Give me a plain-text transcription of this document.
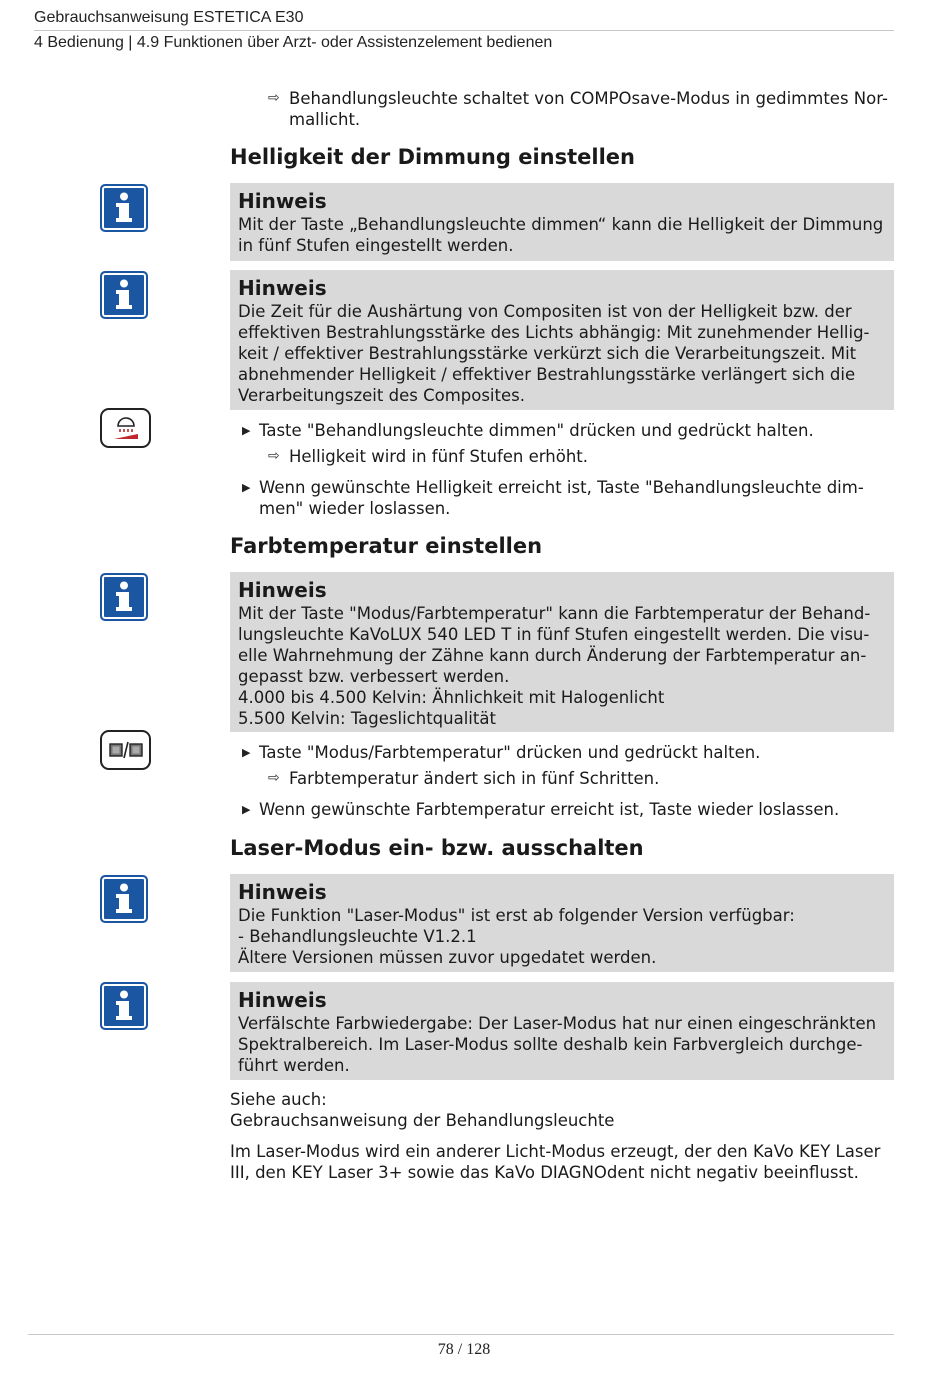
Gebrauchsanweisung ESTETICA E30
4 Bedienung | 4.9 Funktionen über Arzt- oder Assistenzelement bedienen
⇨ Behandlungsleuchte schaltet von COMPOsave-Modus in gedimmtes Nor-mallicht.
Helligkeit der Dimmung einstellen
Hinweis
Mit der Taste „Behandlungsleuchte dimmen“ kann die Helligkeit der Dimmung in fünf Stufen eingestellt werden.
Hinweis
Die Zeit für die Aushärtung von Compositen ist von der Helligkeit bzw. der effektiven Bestrahlungsstärke des Lichts abhängig: Mit zunehmender Hellig-keit / effektiver Bestrahlungsstärke verkürzt sich die Verarbeitungszeit. Mit abnehmender Helligkeit / effektiver Bestrahlungsstärke verlängert sich die Verarbeitungszeit des Composites.
▶ Taste "Behandlungsleuchte dimmen" drücken und gedrückt halten.
⇨ Helligkeit wird in fünf Stufen erhöht.
▶ Wenn gewünschte Helligkeit erreicht ist, Taste "Behandlungsleuchte dim-men" wieder loslassen.
Farbtemperatur einstellen
Hinweis
Mit der Taste "Modus/Farbtemperatur" kann die Farbtemperatur der Behand-lungsleuchte KaVoLUX 540 LED T in fünf Stufen eingestellt werden. Die visu-elle Wahrnehmung der Zähne kann durch Änderung der Farbtemperatur an-gepasst bzw. verbessert werden.
4.000 bis 4.500 Kelvin: Ähnlichkeit mit Halogenlicht
5.500 Kelvin: Tageslichtqualität
▶ Taste "Modus/Farbtemperatur" drücken und gedrückt halten.
⇨ Farbtemperatur ändert sich in fünf Schritten.
▶ Wenn gewünschte Farbtemperatur erreicht ist, Taste wieder loslassen.
Laser-Modus ein- bzw. ausschalten
Hinweis
Die Funktion "Laser-Modus" ist erst ab folgender Version verfügbar:
- Behandlungsleuchte V1.2.1
Ältere Versionen müssen zuvor upgedatet werden.
Hinweis
Verfälschte Farbwiedergabe: Der Laser-Modus hat nur einen eingeschränkten Spektralbereich. Im Laser-Modus sollte deshalb kein Farbvergleich durchge-führt werden.
Siehe auch:
Gebrauchsanweisung der Behandlungsleuchte
Im Laser-Modus wird ein anderer Licht-Modus erzeugt, der den KaVo KEY Laser III, den KEY Laser 3+ sowie das KaVo DIAGNOdent nicht negativ beeinflusst.
78 / 128
